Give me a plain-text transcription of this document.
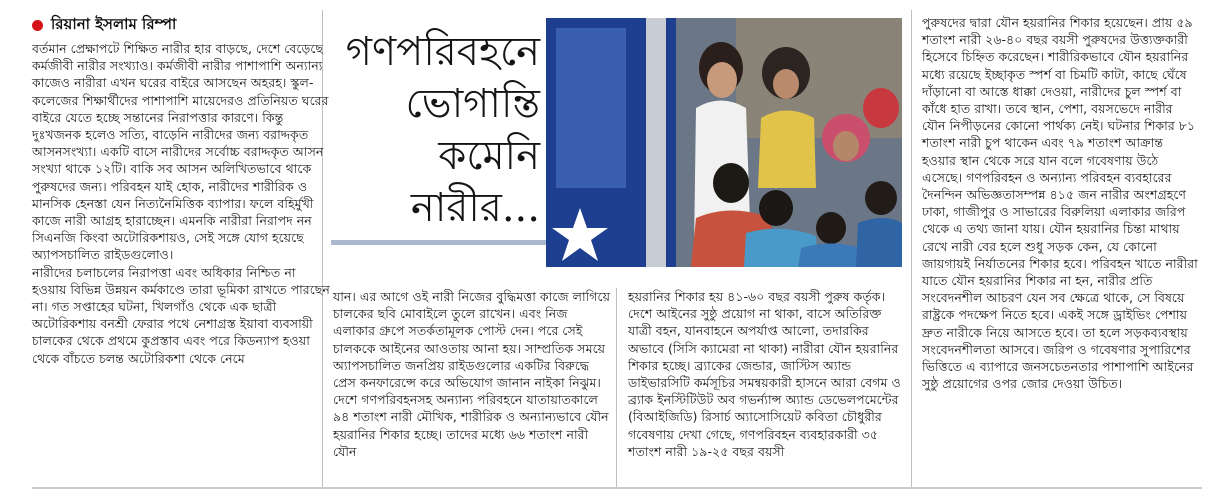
রিয়ানা ইসলাম রিম্পা

বর্তমান প্রেক্ষাপটে শিক্ষিত নারীর হার বাড়ছে, দেশে বেড়েছে কর্মজীবী নারীর সংখ্যাও। কর্মজীবী নারীর পাশাপাশি অন্যান্য কাজেও নারীরা এখন ঘরের বাইরে আসছেন অহরহ। স্কুল-কলেজের শিক্ষার্থীদের পাশাপাশি মায়েদেরও প্রতিনিয়ত ঘরের বাইরে যেতে হচ্ছে সন্তানের নিরাপত্তার কারণে। কিন্তু দুঃখজনক হলেও সত্যি, বাড়েনি নারীদের জন্য বরাদ্দকৃত আসনসংখ্যা। একটি বাসে নারীদের সর্বোচ্চ বরাদ্দকৃত আসন সংখ্যা থাকে ১২টি। বাকি সব আসন অলিখিতভাবে থাকে পুরুষদের জন্য। পরিবহন যাই হোক, নারীদের শারীরিক ও মানসিক হেনস্তা যেন নিত্যনৈমিত্তিক ব্যাপার। ফলে বহির্মুখী কাজে নারী আগ্রহ হারাচ্ছেন। এমনকি নারীরা নিরাপদ নন সিএনজি কিংবা অটোরিকশায়ও, সেই সঙ্গে যোগ হয়েছে অ্যাপসচালিত রাইডগুলোও।

নারীদের চলাচলের নিরাপত্তা এবং অধিকার নিশ্চিত না হওয়ায় বিভিন্ন উন্নয়ন কর্মকাণ্ডে তারা ভূমিকা রাখতে পারছেন না। গত সপ্তাহের ঘটনা, খিলগাঁও থেকে এক ছাত্রী অটোরিকশায় বনশ্রী ফেরার পথে নেশাগ্রস্ত ইয়াবা ব্যবসায়ী চালকের থেকে প্রথমে কুপ্রস্তাব এবং পরে কিডন্যাপ হওয়া থেকে বাঁচতে চলন্ত অটোরিকশা থেকে নেমে

গণপরিবহনে
ভোগান্তি
কমেনি
নারীর...

যান। এর আগে ওই নারী নিজের বুদ্ধিমত্তা কাজে লাগিয়ে চালকের ছবি মোবাইলে তুলে রাখেন। এবং নিজ এলাকার গ্রুপে সতর্কতামূলক পোস্ট দেন। পরে সেই চালককে আইনের আওতায় আনা হয়। সাম্প্রতিক সময়ে অ্যাপসচালিত জনপ্রিয় রাইডগুলোর একটির বিরুদ্ধে প্রেস কনফারেন্সে করে অভিযোগ জানান নাইকা নিঝুম। দেশে গণপরিবহনসহ অন্যান্য পরিবহনে যাতায়াতকালে ৯৪ শতাংশ নারী মৌখিক, শারীরিক ও অন্যান্যভাবে যৌন হয়রানির শিকার হচ্ছে। তাদের মধ্যে ৬৬ শতাংশ নারী যৌন

হয়রানির শিকার হয় ৪১-৬০ বছর বয়সী পুরুষ কর্তৃক। দেশে আইনের সুষ্ঠু প্রয়োগ না থাকা, বাসে অতিরিক্ত যাত্রী বহন, যানবাহনে অপর্যাপ্ত আলো, তদারকির অভাবে (সিসি ক্যামেরা না থাকা) নারীরা যৌন হয়রানির শিকার হচ্ছে। ব্র্যাকের জেন্ডার, জাস্টিস অ্যান্ড ডাইভারসিটি কর্মসূচির সমন্বয়কারী হাসনে আরা বেগম ও ব্র্যাক ইনস্টিটিউট অব গভর্ন্যান্স অ্যান্ড ডেভেলপমেন্টের (বিআইজিডি) রিসার্চ অ্যাসোসিয়েট কবিতা চৌধুরীর গবেষণায় দেখা গেছে, গণপরিবহন ব্যবহারকারী ৩৫ শতাংশ নারী ১৯-২৫ বছর বয়সী

পুরুষদের দ্বারা যৌন হয়রানির শিকার হয়েছেন। প্রায় ৫৯ শতাংশ নারী ২৬-৪০ বছর বয়সী পুরুষদের উত্ত্যক্তকারী হিসেবে চিহ্নিত করেছেন। শারীরিকভাবে যৌন হয়রানির মধ্যে রয়েছে ইচ্ছাকৃত স্পর্শ বা চিমটি কাটা, কাছে ঘেঁষে দাঁড়ানো বা আস্তে ধাক্কা দেওয়া, নারীদের চুল স্পর্শ বা কাঁধে হাত রাখা। তবে স্থান, পেশা, বয়সভেদে নারীর যৌন নিপীড়নের কোনো পার্থক্য নেই। ঘটনার শিকার ৮১ শতাংশ নারী চুপ থাকেন এবং ৭৯ শতাংশ আক্রান্ত হওয়ার স্থান থেকে সরে যান বলে গবেষণায় উঠে এসেছে। গণপরিবহন ও অন্যান্য পরিবহন ব্যবহারের দৈনন্দিন অভিজ্ঞতাসম্পন্ন ৪১৫ জন নারীর অংশগ্রহণে ঢাকা, গাজীপুর ও সাভারের বিরুলিয়া এলাকার জরিপ থেকে এ তথ্য জানা যায়। যৌন হয়রানির চিন্তা মাথায় রেখে নারী বের হলে শুধু সড়ক কেন, যে কোনো জায়গায়ই নির্যাতনের শিকার হবে। পরিবহন খাতে নারীরা যাতে যৌন হয়রানির শিকার না হন, নারীর প্রতি সংবেদনশীল আচরণ যেন সব ক্ষেত্রে থাকে, সে বিষয়ে রাষ্ট্রকে পদক্ষেপ নিতে হবে। একই সঙ্গে ড্রাইভিং পেশায় দ্রুত নারীকে নিয়ে আসতে হবে। তা হলে সড়কব্যবস্থায় সংবেদনশীলতা আসবে। জরিপ ও গবেষণার সুপারিশের ভিত্তিতে এ ব্যাপারে জনসচেতনতার পাশাপাশি আইনের সুষ্ঠু প্রয়োগের ওপর জোর দেওয়া উচিত।
